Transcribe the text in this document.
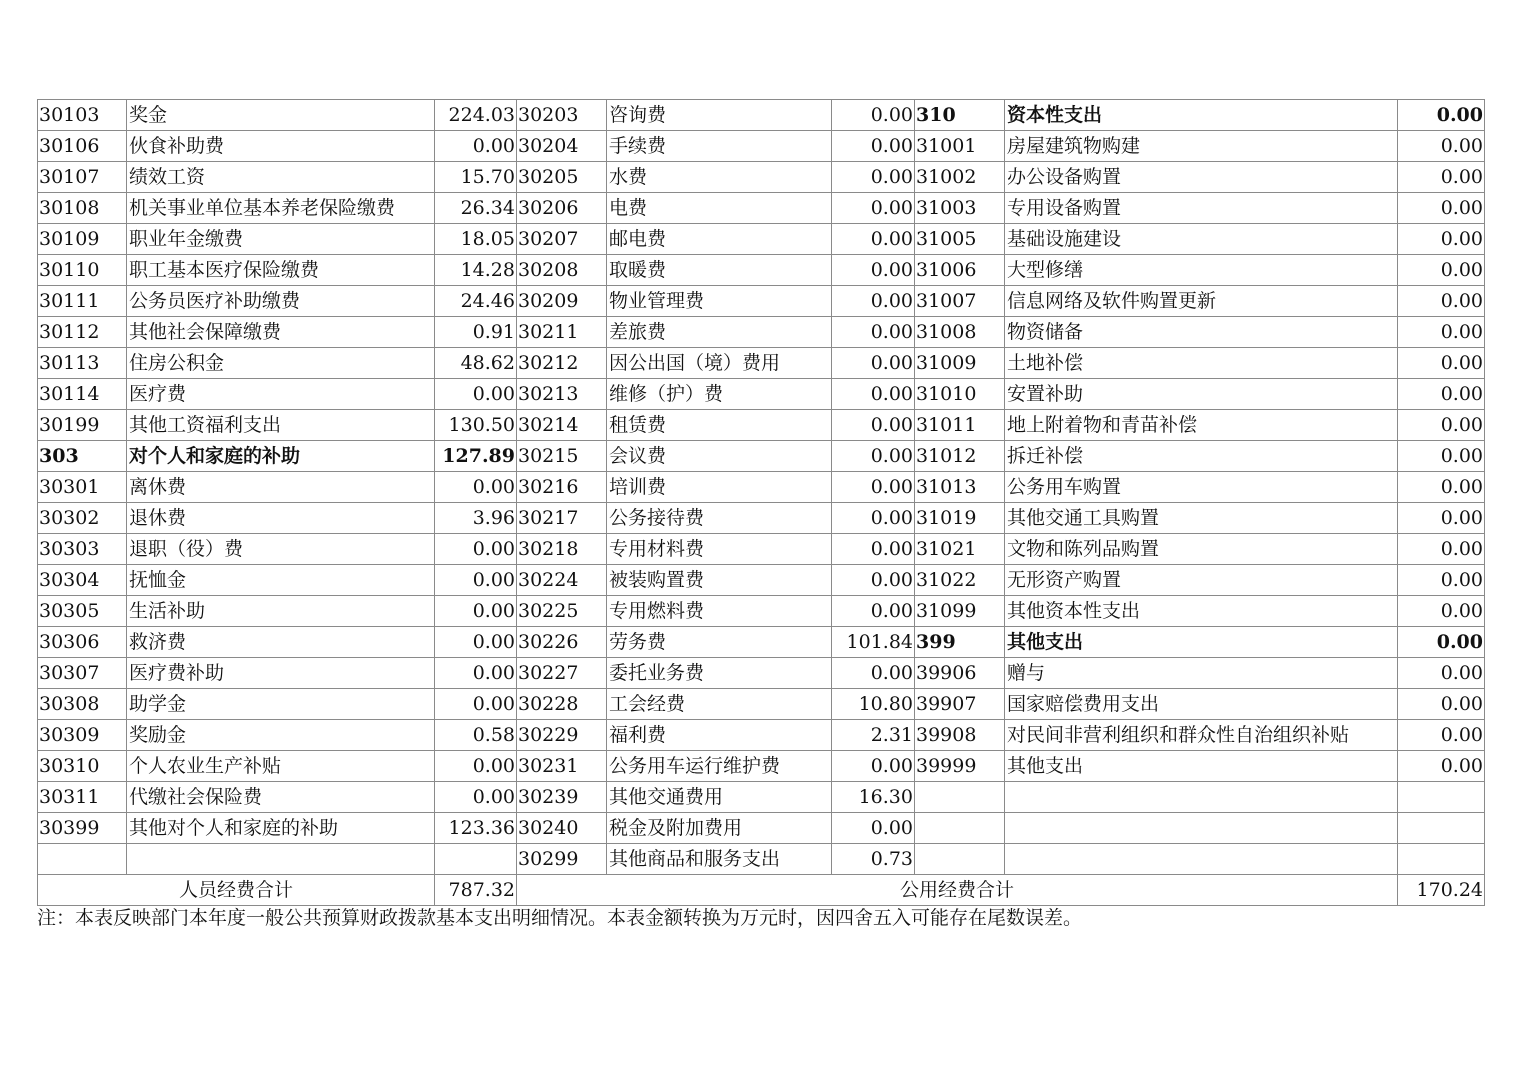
30103	奖金	224.03	30203	咨询费	0.00	310	资本性支出	0.00
30106	伙食补助费	0.00	30204	手续费	0.00	31001	房屋建筑物购建	0.00
30107	绩效工资	15.70	30205	水费	0.00	31002	办公设备购置	0.00
30108	机关事业单位基本养老保险缴费	26.34	30206	电费	0.00	31003	专用设备购置	0.00
30109	职业年金缴费	18.05	30207	邮电费	0.00	31005	基础设施建设	0.00
30110	职工基本医疗保险缴费	14.28	30208	取暖费	0.00	31006	大型修缮	0.00
30111	公务员医疗补助缴费	24.46	30209	物业管理费	0.00	31007	信息网络及软件购置更新	0.00
30112	其他社会保障缴费	0.91	30211	差旅费	0.00	31008	物资储备	0.00
30113	住房公积金	48.62	30212	因公出国（境）费用	0.00	31009	土地补偿	0.00
30114	医疗费	0.00	30213	维修（护）费	0.00	31010	安置补助	0.00
30199	其他工资福利支出	130.50	30214	租赁费	0.00	31011	地上附着物和青苗补偿	0.00
303	对个人和家庭的补助	127.89	30215	会议费	0.00	31012	拆迁补偿	0.00
30301	离休费	0.00	30216	培训费	0.00	31013	公务用车购置	0.00
30302	退休费	3.96	30217	公务接待费	0.00	31019	其他交通工具购置	0.00
30303	退职（役）费	0.00	30218	专用材料费	0.00	31021	文物和陈列品购置	0.00
30304	抚恤金	0.00	30224	被装购置费	0.00	31022	无形资产购置	0.00
30305	生活补助	0.00	30225	专用燃料费	0.00	31099	其他资本性支出	0.00
30306	救济费	0.00	30226	劳务费	101.84	399	其他支出	0.00
30307	医疗费补助	0.00	30227	委托业务费	0.00	39906	赠与	0.00
30308	助学金	0.00	30228	工会经费	10.80	39907	国家赔偿费用支出	0.00
30309	奖励金	0.58	30229	福利费	2.31	39908	对民间非营利组织和群众性自治组织补贴	0.00
30310	个人农业生产补贴	0.00	30231	公务用车运行维护费	0.00	39999	其他支出	0.00
30311	代缴社会保险费	0.00	30239	其他交通费用	16.30			
30399	其他对个人和家庭的补助	123.36	30240	税金及附加费用	0.00			
			30299	其他商品和服务支出	0.73			
人员经费合计		787.32	公用经费合计					170.24
注：本表反映部门本年度一般公共预算财政拨款基本支出明细情况。本表金额转换为万元时，因四舍五入可能存在尾数误差。
